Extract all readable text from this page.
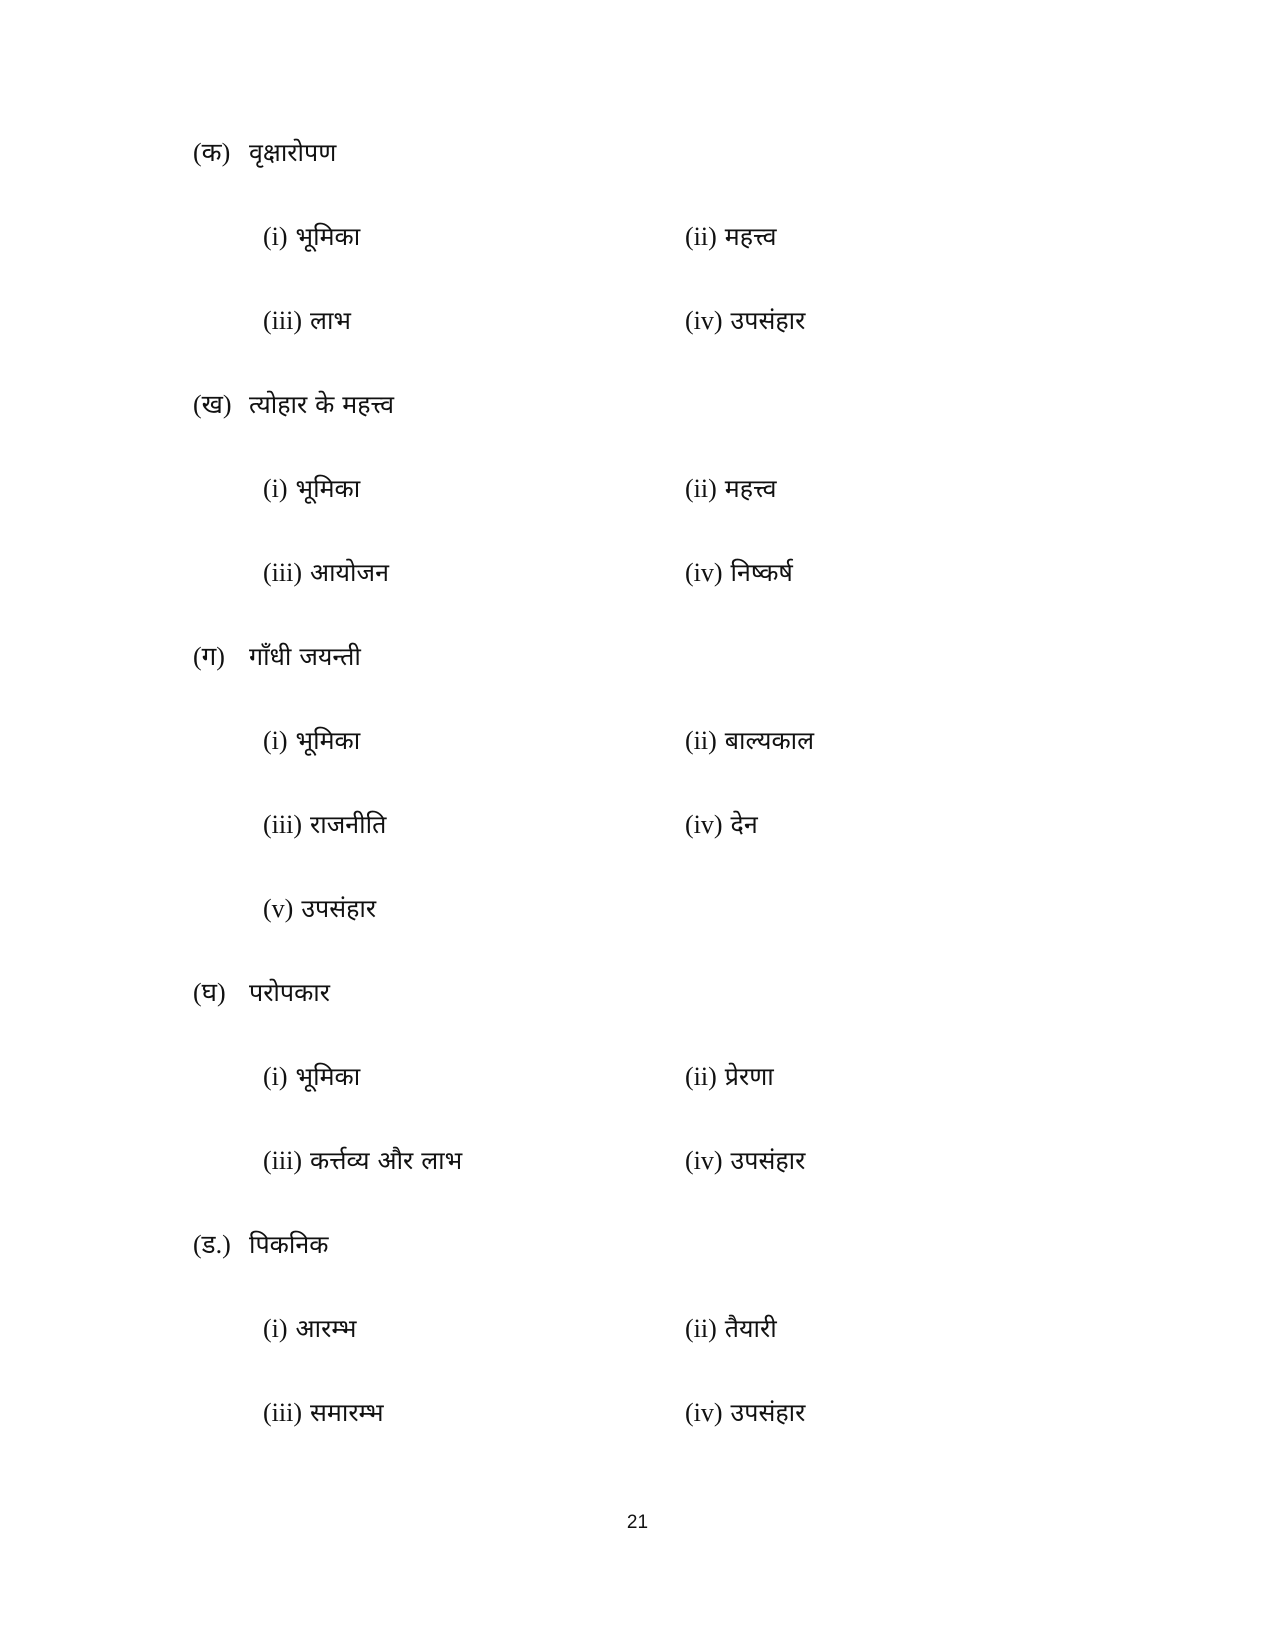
(क) वृक्षारोपण
(i) भूमिका	(ii) महत्त्व
(iii) लाभ	(iv) उपसंहार
(ख) त्योहार के महत्त्व
(i) भूमिका	(ii) महत्त्व
(iii) आयोजन	(iv) निष्कर्ष
(ग) गाँधी जयन्ती
(i) भूमिका	(ii) बाल्यकाल
(iii) राजनीति	(iv) देन
(v) उपसंहार
(घ) परोपकार
(i) भूमिका	(ii) प्रेरणा
(iii) कर्त्तव्य और लाभ	(iv) उपसंहार
(ड.) पिकनिक
(i) आरम्भ	(ii) तैयारी
(iii) समारम्भ	(iv) उपसंहार
21
